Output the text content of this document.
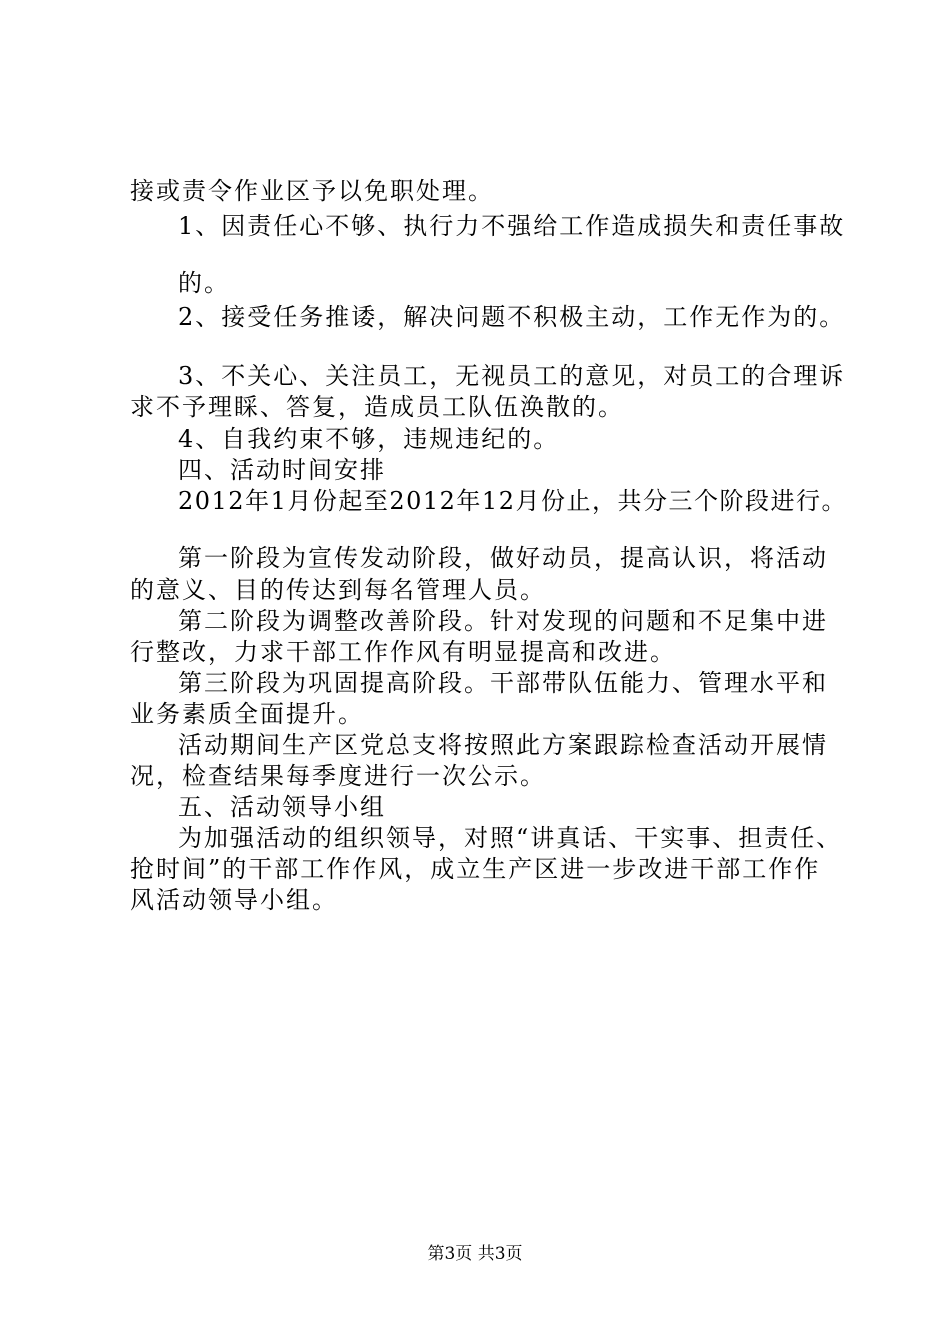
接或责令作业区予以免职处理。
1、因责任心不够、执行力不强给工作造成损失和责任事故
的。
2、接受任务推诿，解决问题不积极主动，工作无作为的。
3、不关心、关注员工，无视员工的意见，对员工的合理诉
求不予理睬、答复，造成员工队伍涣散的。
4、自我约束不够，违规违纪的。
四、活动时间安排
2012年1月份起至2012年12月份止，共分三个阶段进行。
第一阶段为宣传发动阶段，做好动员，提高认识，将活动
的意义、目的传达到每名管理人员。
第二阶段为调整改善阶段。针对发现的问题和不足集中进
行整改，力求干部工作作风有明显提高和改进。
第三阶段为巩固提高阶段。干部带队伍能力、管理水平和
业务素质全面提升。
活动期间生产区党总支将按照此方案跟踪检查活动开展情
况，检查结果每季度进行一次公示。
五、活动领导小组
为加强活动的组织领导，对照“讲真话、干实事、担责任、
抢时间”的干部工作作风，成立生产区进一步改进干部工作作
风活动领导小组。
第3页 共3页
